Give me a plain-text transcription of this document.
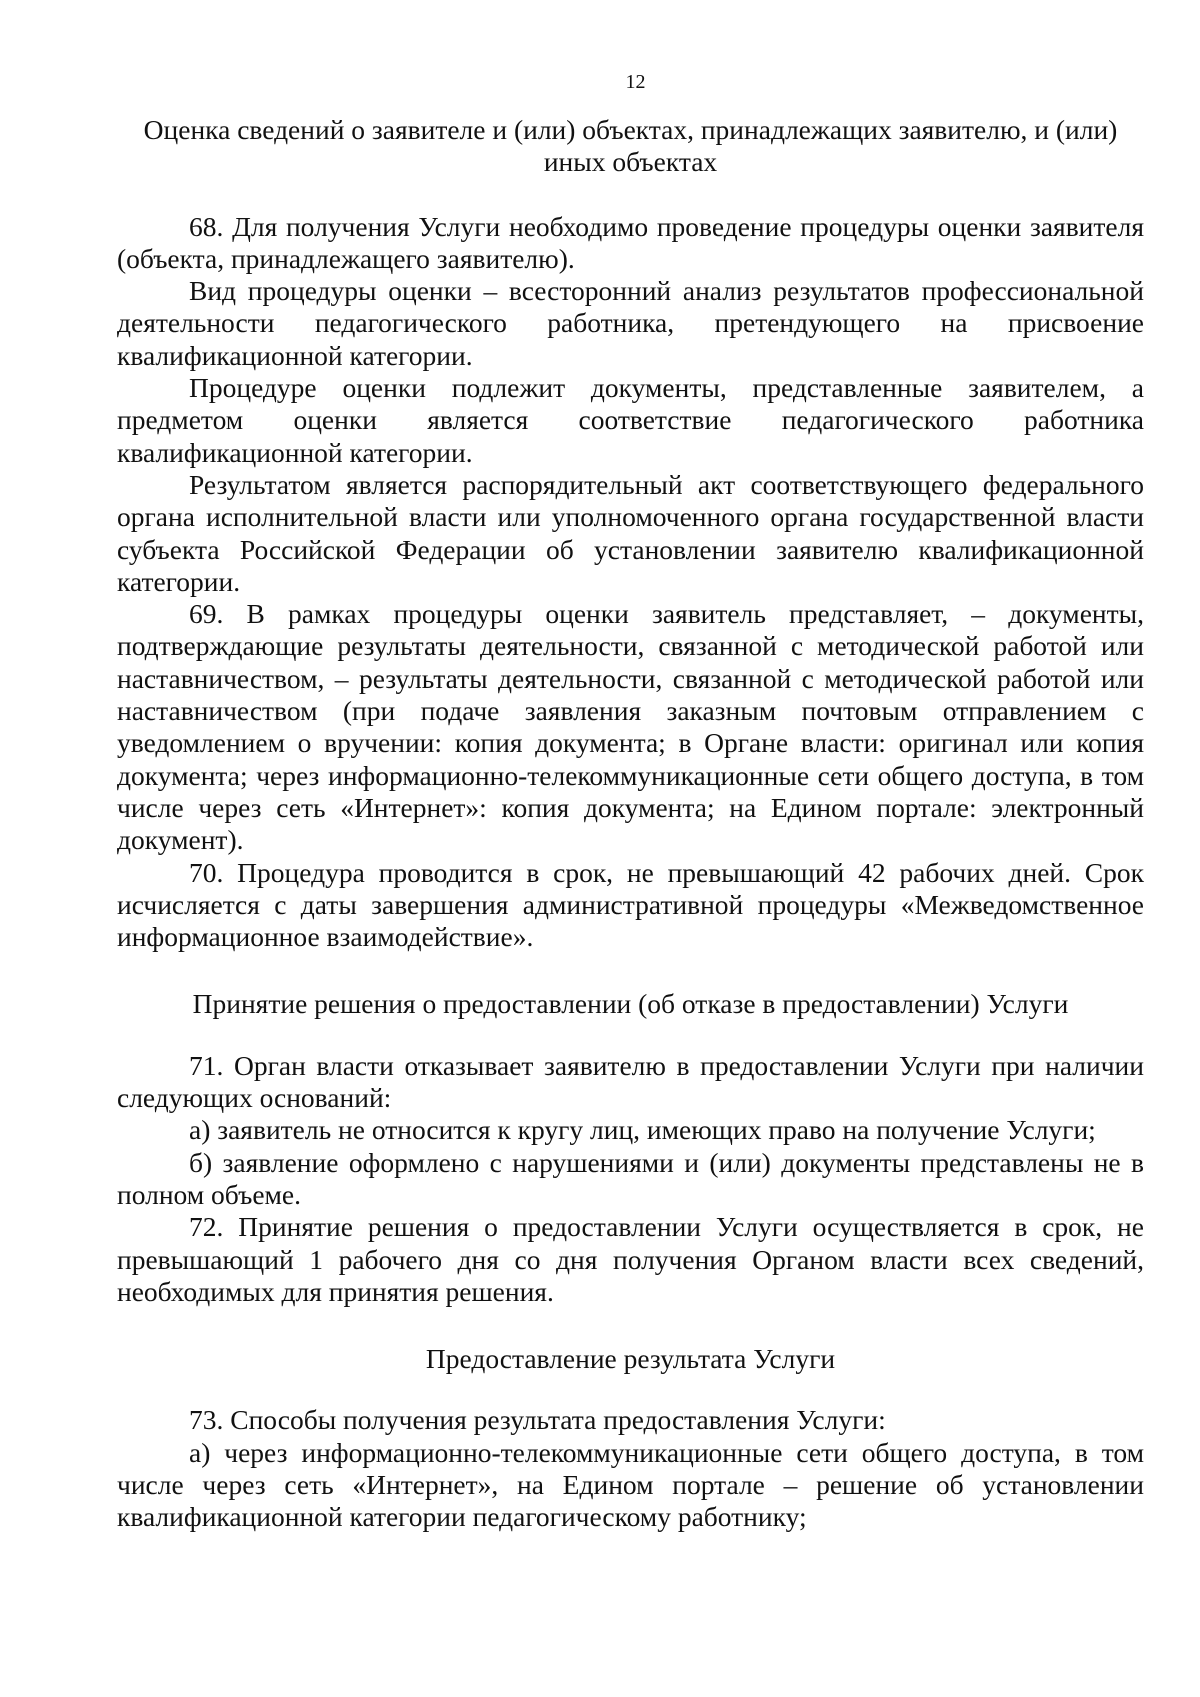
12
Оценка сведений о заявителе и (или) объектах, принадлежащих заявителю, и (или) иных объектах

68. Для получения Услуги необходимо проведение процедуры оценки заявителя (объекта, принадлежащего заявителю).

Вид процедуры оценки – всесторонний анализ результатов профессиональной деятельности педагогического работника, претендующего на присвоение квалификационной категории.

Процедуре оценки подлежит документы, представленные заявителем, а предметом оценки является соответствие педагогического работника квалификационной категории.

Результатом является распорядительный акт соответствующего федерального органа исполнительной власти или уполномоченного органа государственной власти субъекта Российской Федерации об установлении заявителю квалификационной категории.

69. В рамках процедуры оценки заявитель представляет, – документы, подтверждающие результаты деятельности, связанной с методической работой или наставничеством, – результаты деятельности, связанной с методической работой или наставничеством (при подаче заявления заказным почтовым отправлением с уведомлением о вручении: копия документа; в Органе власти: оригинал или копия документа; через информационно-телекоммуникационные сети общего доступа, в том числе через сеть «Интернет»: копия документа; на Едином портале: электронный документ).

70. Процедура проводится в срок, не превышающий 42 рабочих дней. Срок исчисляется с даты завершения административной процедуры «Межведомственное информационное взаимодействие».

Принятие решения о предоставлении (об отказе в предоставлении) Услуги

71. Орган власти отказывает заявителю в предоставлении Услуги при наличии следующих оснований:

а) заявитель не относится к кругу лиц, имеющих право на получение Услуги;

б) заявление оформлено с нарушениями и (или) документы представлены не в полном объеме.

72. Принятие решения о предоставлении Услуги осуществляется в срок, не превышающий 1 рабочего дня со дня получения Органом власти всех сведений, необходимых для принятия решения.

Предоставление результата Услуги

73. Способы получения результата предоставления Услуги:

а) через информационно-телекоммуникационные сети общего доступа, в том числе через сеть «Интернет», на Едином портале – решение об установлении квалификационной категории педагогическому работнику;
